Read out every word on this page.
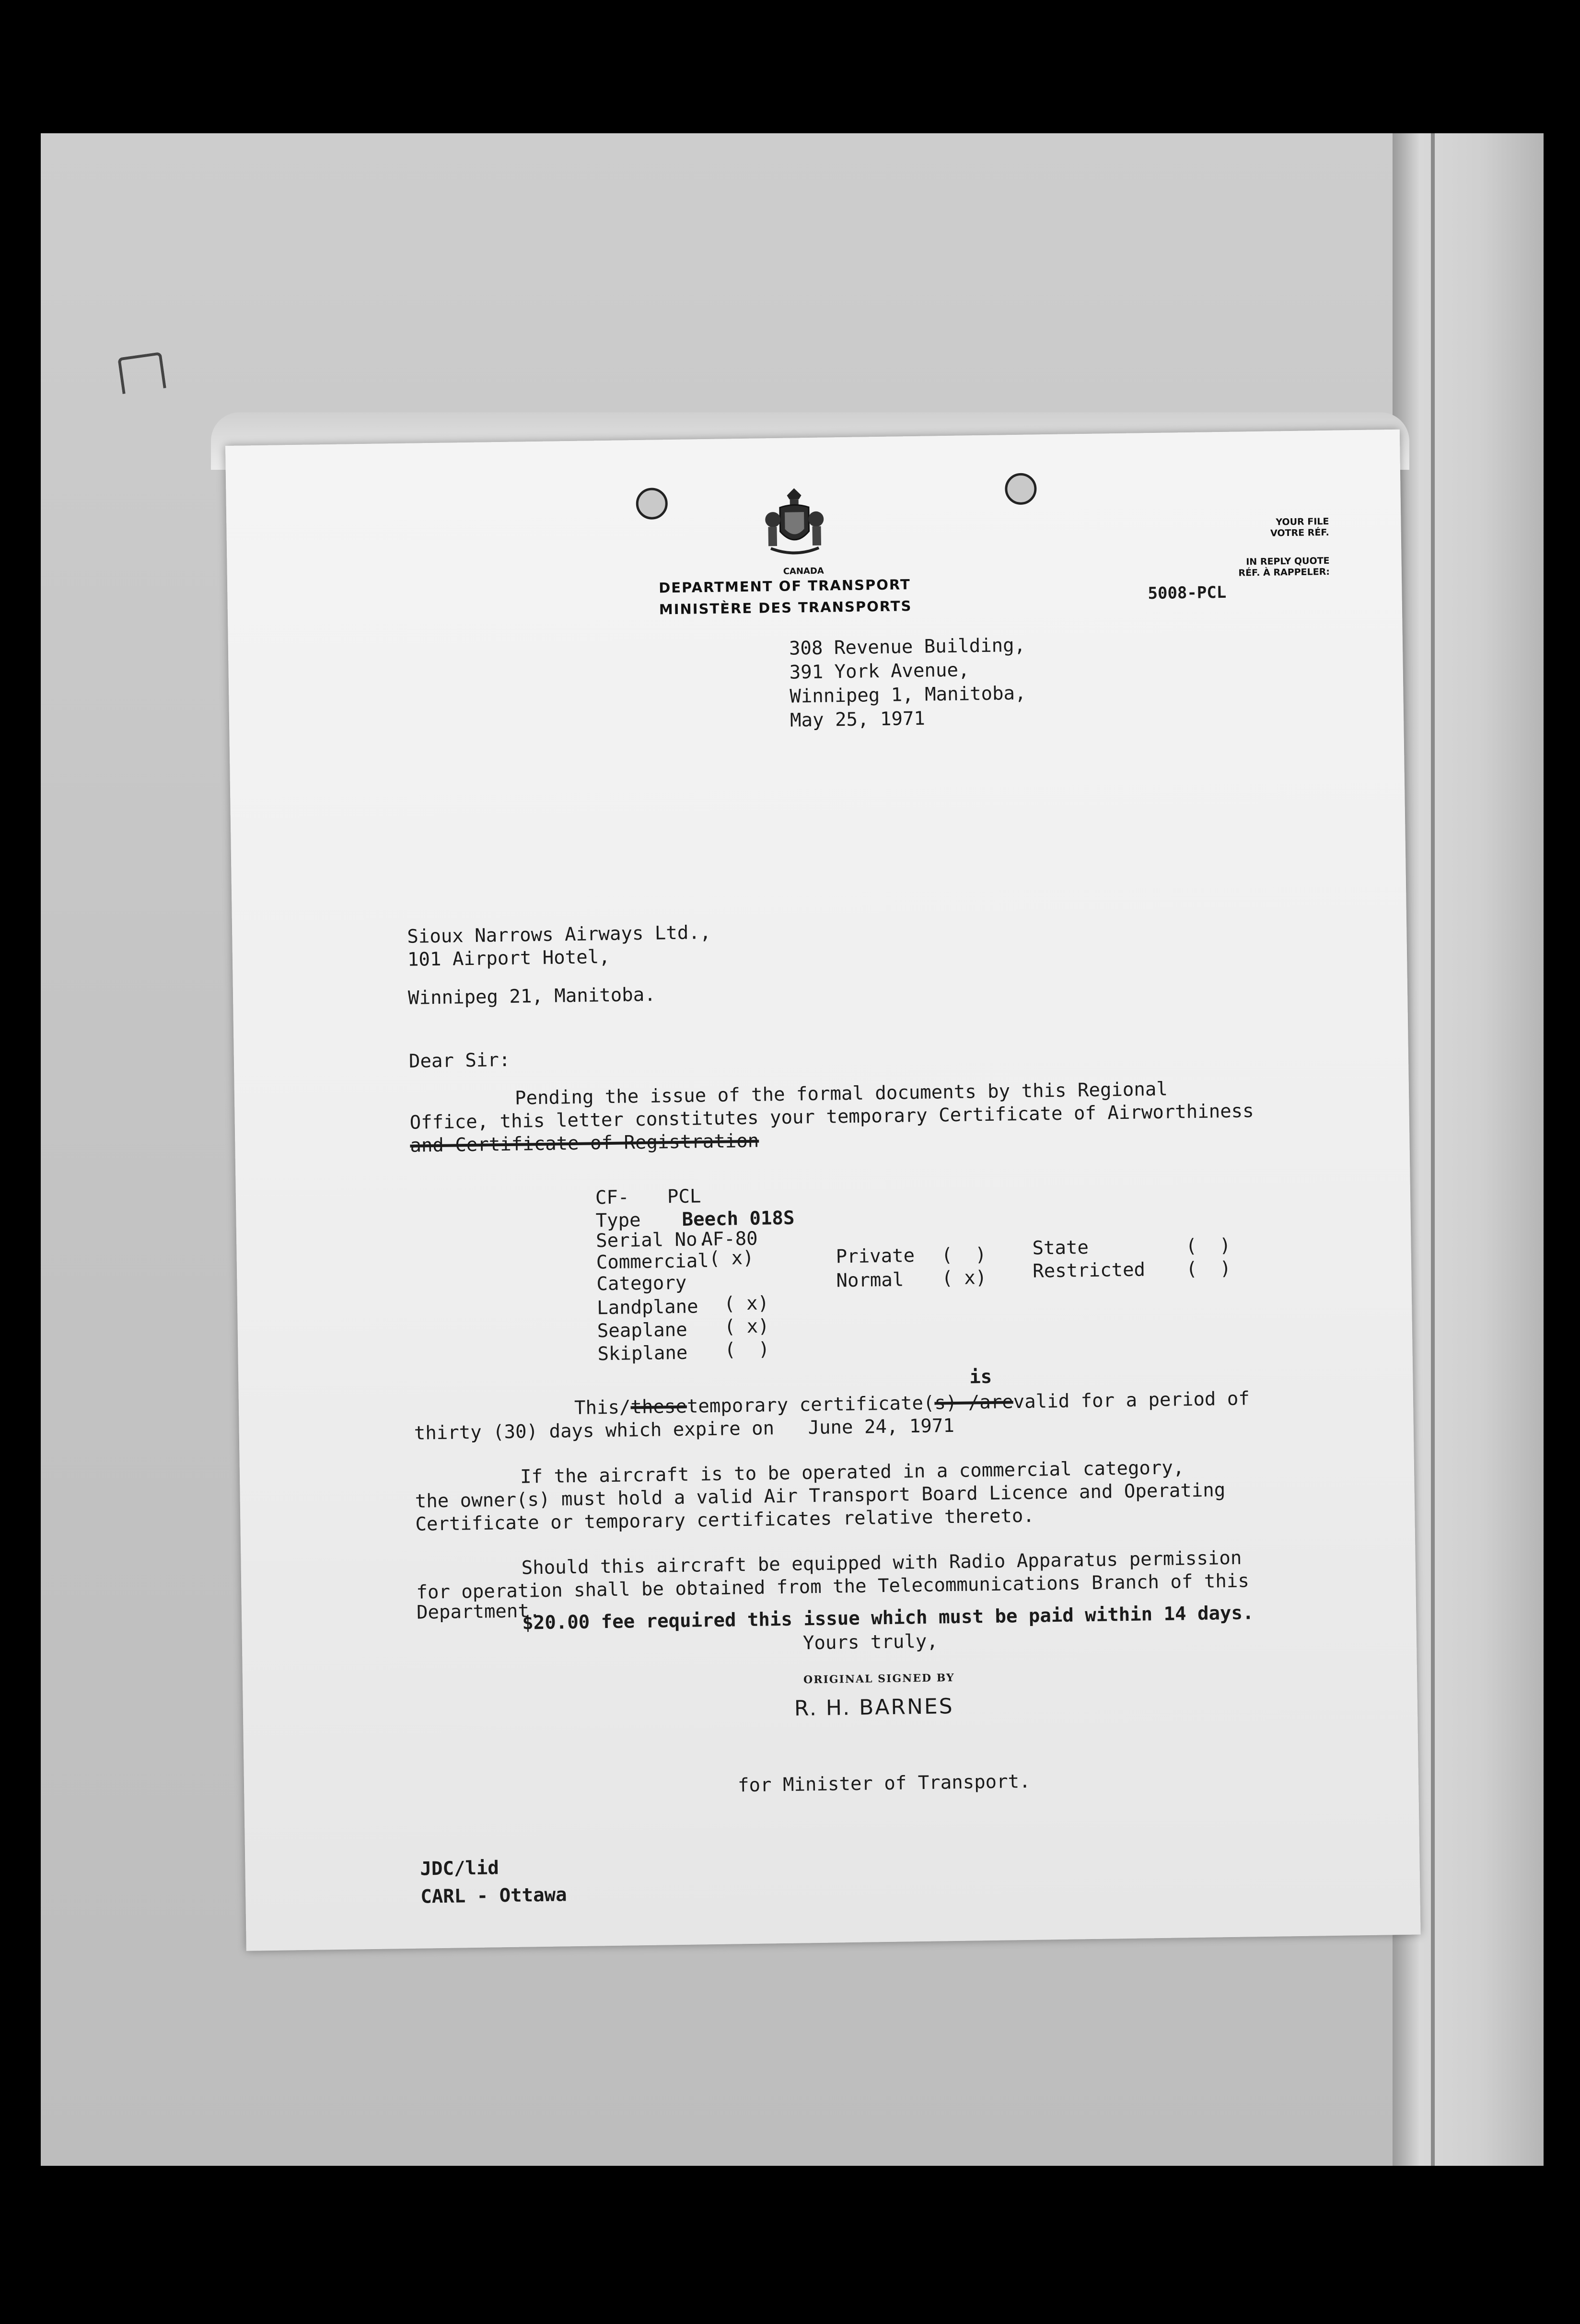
CANADA
DEPARTMENT OF TRANSPORT
MINISTÈRE DES TRANSPORTS
YOUR FILE
VOTRE RÉF.
IN REPLY QUOTE
RÉF. À RAPPELER:
5008-PCL
308 Revenue Building,
391 York Avenue,
Winnipeg 1, Manitoba,
May 25, 1971
Sioux Narrows Airways Ltd.,
101 Airport Hotel,
Winnipeg 21, Manitoba.
Dear Sir:
Pending the issue of the formal documents by this Regional
Office, this letter constitutes your temporary Certificate of Airworthiness
and Certificate of Registration
CF- PCL
Type Beech 018S
Serial No.
AF-80
Commercial ( x)
Category
Private (  )
Normal ( x)
State	(  )
Restricted (  )
Landplane ( x)
Seaplane ( x)
Skiplane (  )
is
This/thesetemporary certificate(s) /arevalid for a period of
thirty (30) days which expire on June 24, 1971
If the aircraft is to be operated in a commercial category,
the owner(s) must hold a valid Air Transport Board Licence and Operating
Certificate or temporary certificates relative thereto.
Should this aircraft be equipped with Radio Apparatus permission
for operation shall be obtained from the Telecommunications Branch of this
Department.
$20.00 fee required this issue which must be paid within 14 days.
Yours truly,
ORIGINAL SIGNED BY
R. H. BARNES
for Minister of Transport.
JDC/lid
CARL - Ottawa
